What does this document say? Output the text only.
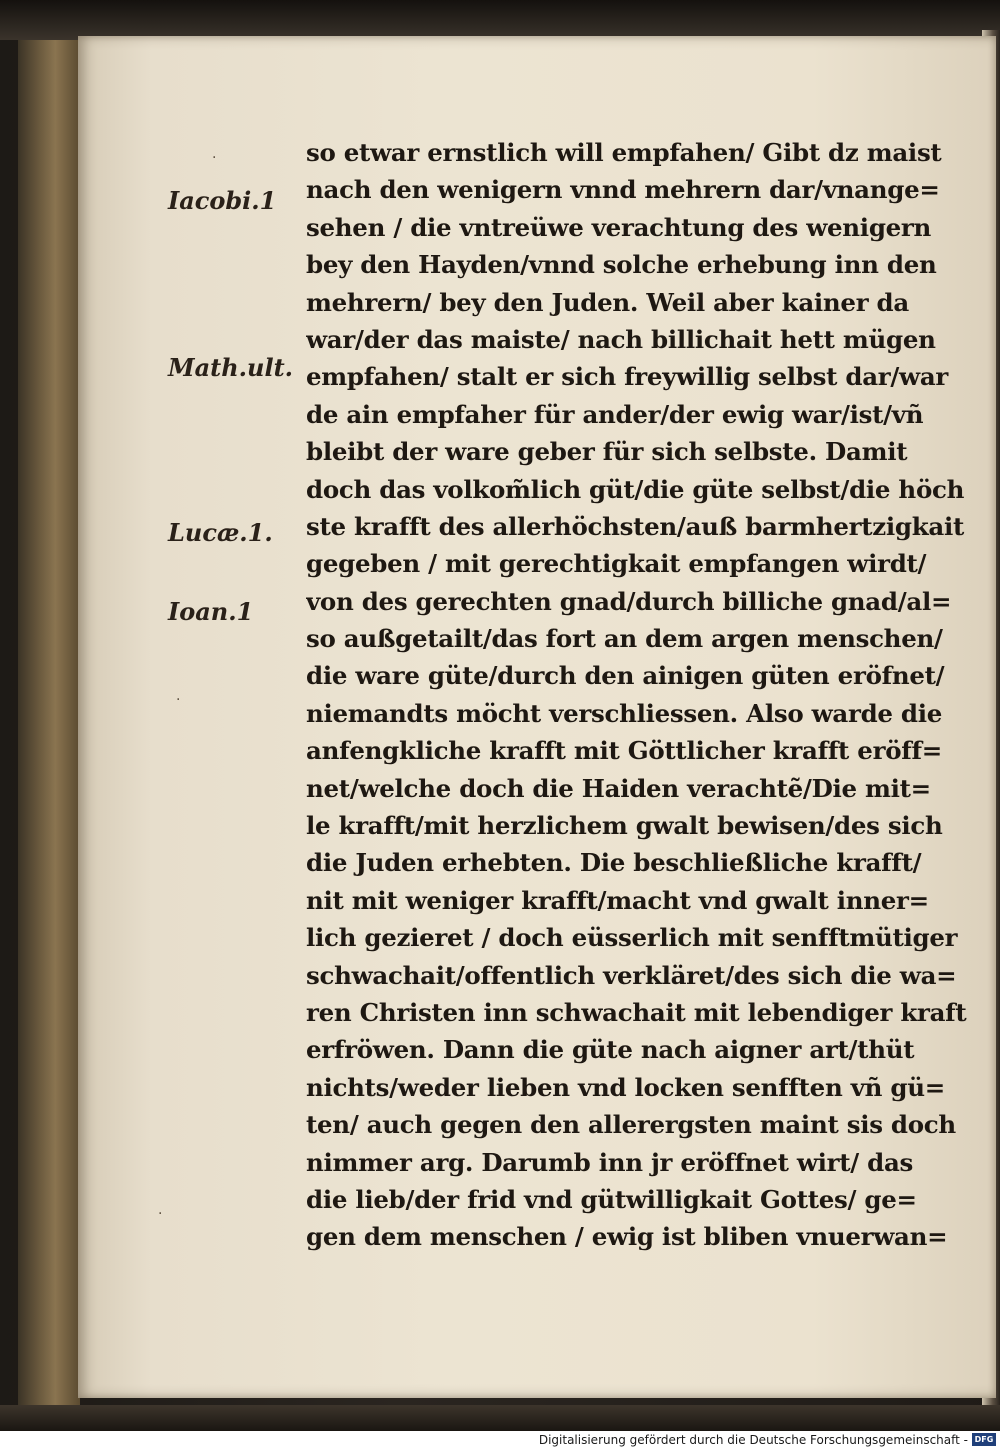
Iacobi.1
Math.ult.
Lucæ.1.
Ioan.1
so etwar ernstlich will empfahen/ Gibt dz maist
nach den wenigern vnnd mehrern dar/vnange=
sehen / die vntreüwe verachtung des wenigern
bey den Hayden/vnnd solche erhebung inn den
mehrern/ bey den Juden. Weil aber kainer da
war/der das maiste/ nach billichait hett mügen
empfahen/ stalt er sich freywillig selbst dar/war
de ain empfaher für ander/der ewig war/ist/vñ
bleibt der ware geber für sich selbste. Damit
doch das volkom̃lich güt/die güte selbst/die höch
ste krafft des allerhöchsten/auß barmhertzigkait
gegeben / mit gerechtigkait empfangen wirdt/
von des gerechten gnad/durch billiche gnad/al=
so außgetailt/das fort an dem argen menschen/
die ware güte/durch den ainigen güten eröfnet/
niemandts möcht verschliessen. Also warde die
anfengkliche krafft mit Göttlicher krafft eröff=
net/welche doch die Haiden verachtẽ/Die mit=
le krafft/mit herzlichem gwalt bewisen/des sich
die Juden erhebten. Die beschließliche krafft/
nit mit weniger krafft/macht vnd gwalt inner=
lich gezieret / doch eüsserlich mit senfftmütiger
schwachait/offentlich verkläret/des sich die wa=
ren Christen inn schwachait mit lebendiger kraft
erfröwen. Dann die güte nach aigner art/thüt
nichts/weder lieben vnd locken senfften vñ gü=
ten/ auch gegen den allerergsten maint sis doch
nimmer arg. Darumb inn jr eröffnet wirt/ das
die lieb/der frid vnd gütwilligkait Gottes/ ge=
gen dem menschen / ewig ist bliben vnuerwan=
·
·
·
Digitalisierung gefördert durch die Deutsche Forschungsgemeinschaft - DFG
